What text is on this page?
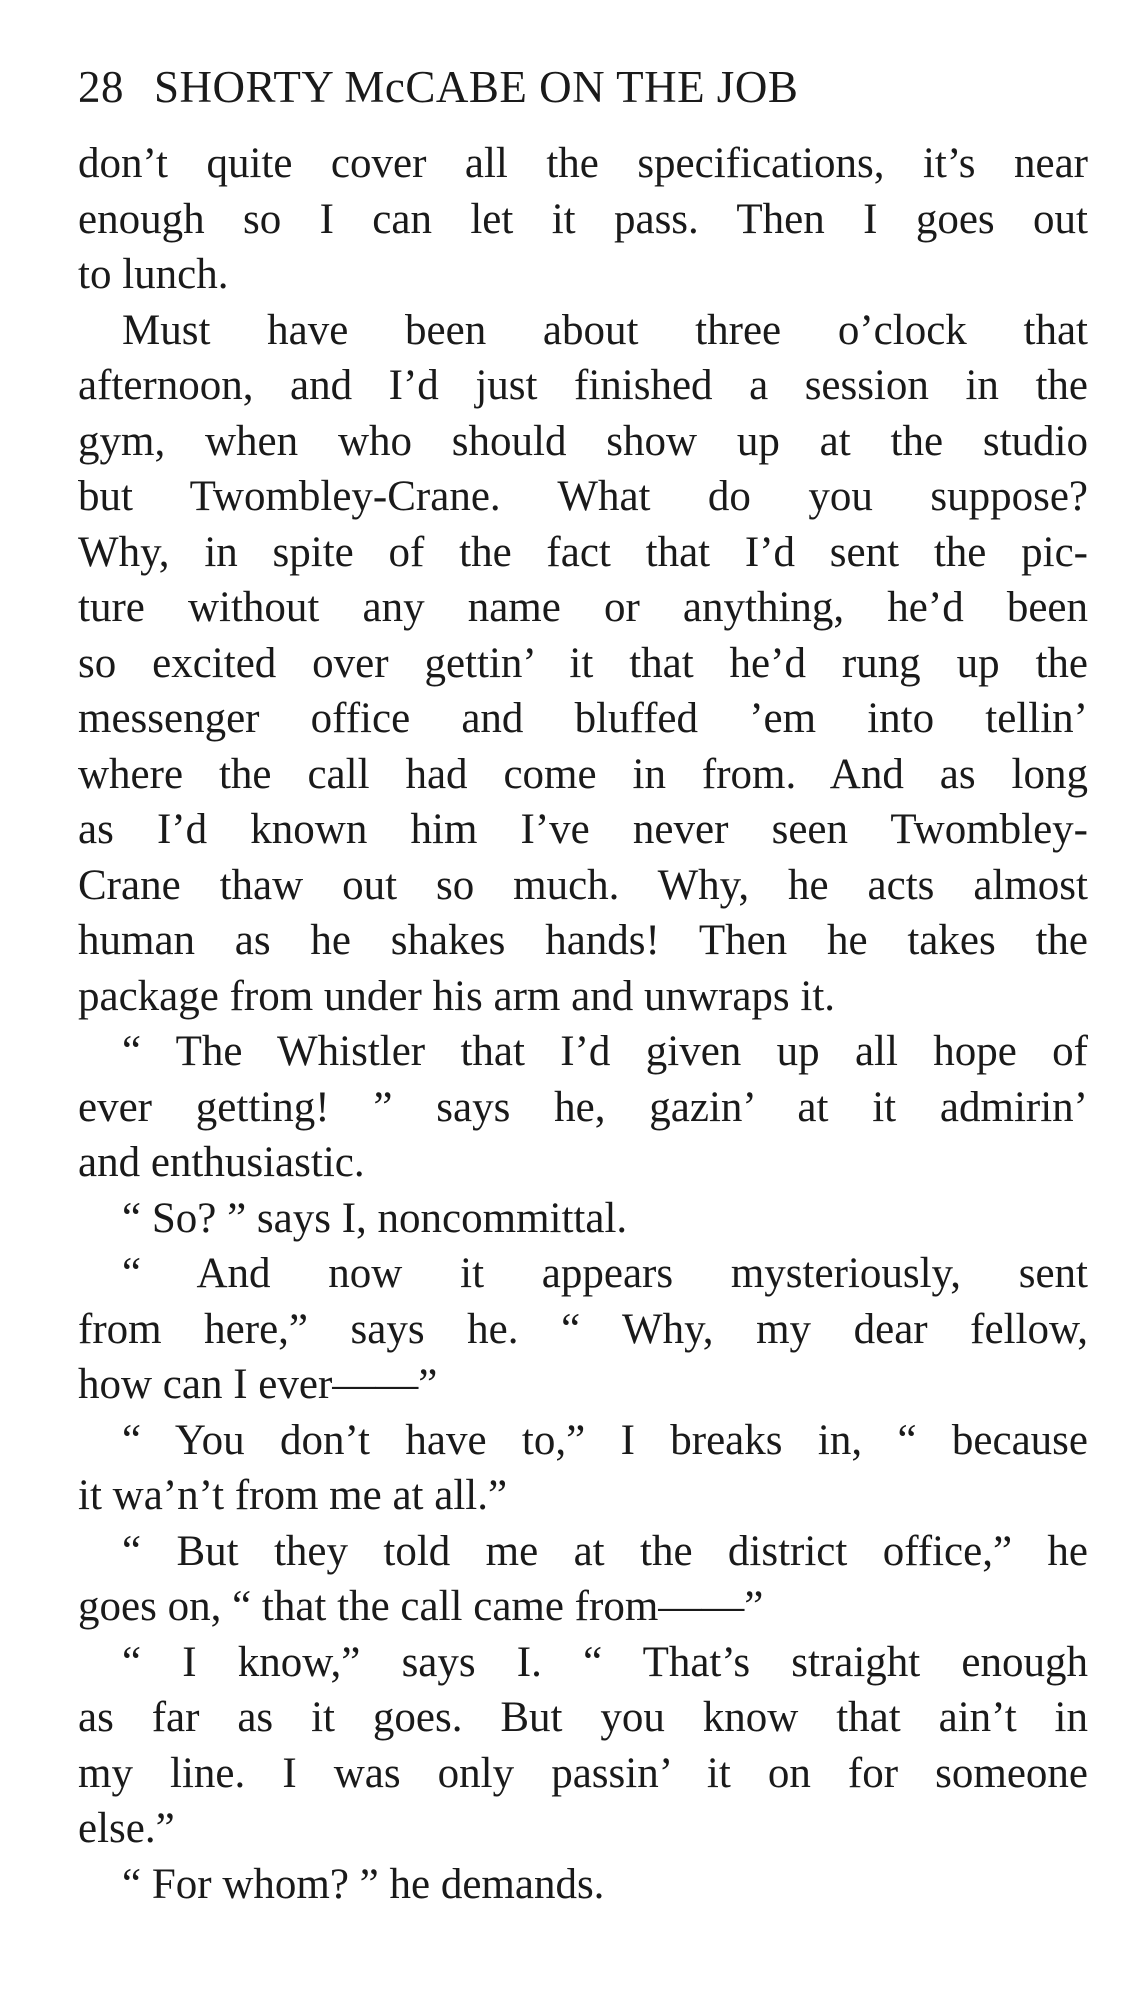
28 SHORTY McCABE ON THE JOB
don’t quite cover all the specifications, it’s near
enough so I can let it pass. Then I goes out
to lunch.
Must have been about three o’clock that
afternoon, and I’d just finished a session in the
gym, when who should show up at the studio
but Twombley-Crane. What do you suppose?
Why, in spite of the fact that I’d sent the pic-
ture without any name or anything, he’d been
so excited over gettin’ it that he’d rung up the
messenger office and bluffed ’em into tellin’
where the call had come in from. And as long
as I’d known him I’ve never seen Twombley-
Crane thaw out so much. Why, he acts almost
human as he shakes hands! Then he takes the
package from under his arm and unwraps it.
“ The Whistler that I’d given up all hope of
ever getting! ” says he, gazin’ at it admirin’
and enthusiastic.
“ So? ” says I, noncommittal.
“ And now it appears mysteriously, sent
from here,” says he. “ Why, my dear fellow,
how can I ever——”
“ You don’t have to,” I breaks in, “ because
it wa’n’t from me at all.”
“ But they told me at the district office,” he
goes on, “ that the call came from——”
“ I know,” says I. “ That’s straight enough
as far as it goes. But you know that ain’t in
my line. I was only passin’ it on for someone
else.”
“ For whom? ” he demands.
